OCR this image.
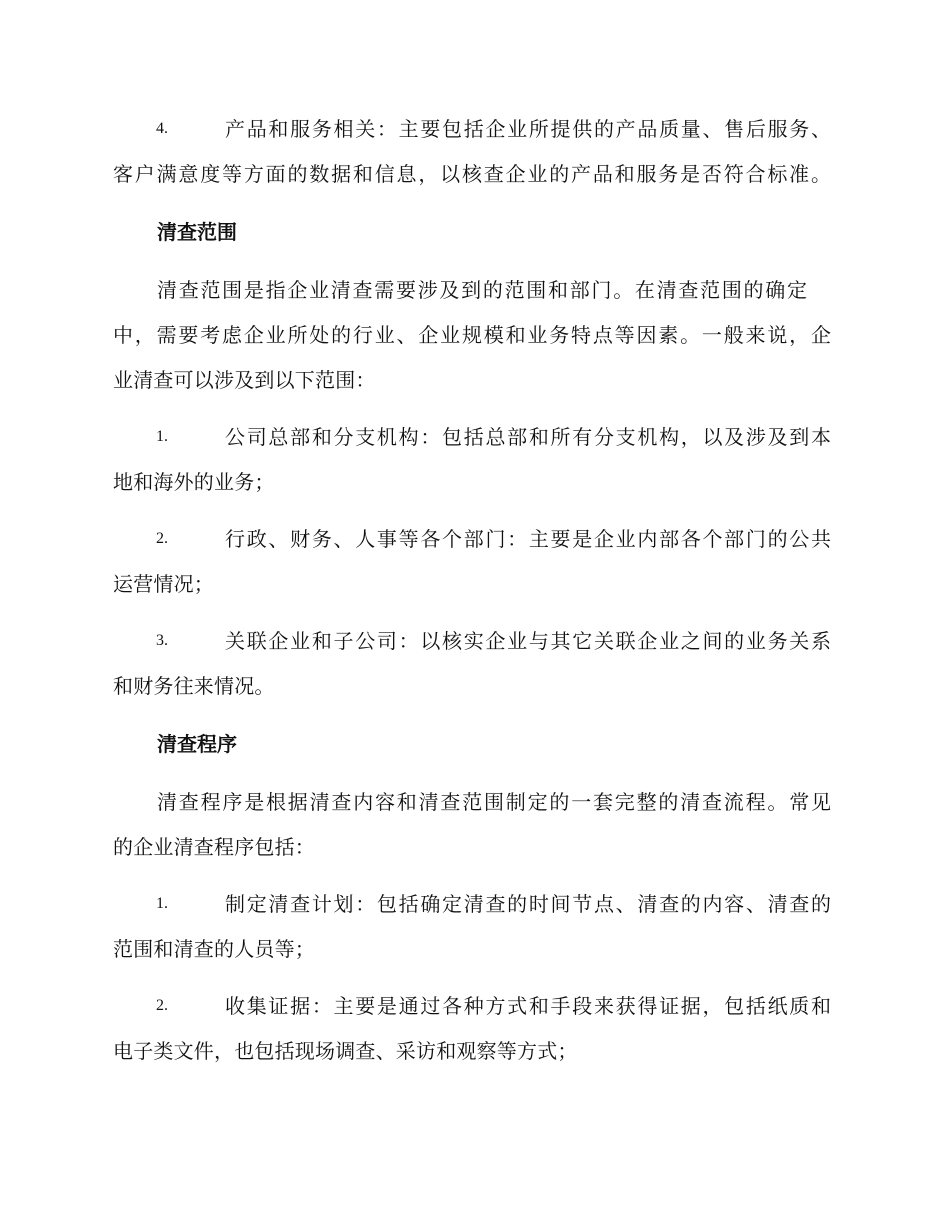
4.	产品和服务相关：主要包括企业所提供的产品质量、售后服务、
客户满意度等方面的数据和信息，以核查企业的产品和服务是否符合标准。
清查范围
清查范围是指企业清查需要涉及到的范围和部门。在清查范围的确定
中，需要考虑企业所处的行业、企业规模和业务特点等因素。一般来说，企
业清查可以涉及到以下范围：
1.	公司总部和分支机构：包括总部和所有分支机构，以及涉及到本
地和海外的业务；
2.	行政、财务、人事等各个部门：主要是企业内部各个部门的公共
运营情况；
3.	关联企业和子公司：以核实企业与其它关联企业之间的业务关系
和财务往来情况。
清查程序
清查程序是根据清查内容和清查范围制定的一套完整的清查流程。常见
的企业清查程序包括：
1.	制定清查计划：包括确定清查的时间节点、清查的内容、清查的
范围和清查的人员等；
2.	收集证据：主要是通过各种方式和手段来获得证据，包括纸质和
电子类文件，也包括现场调查、采访和观察等方式；
